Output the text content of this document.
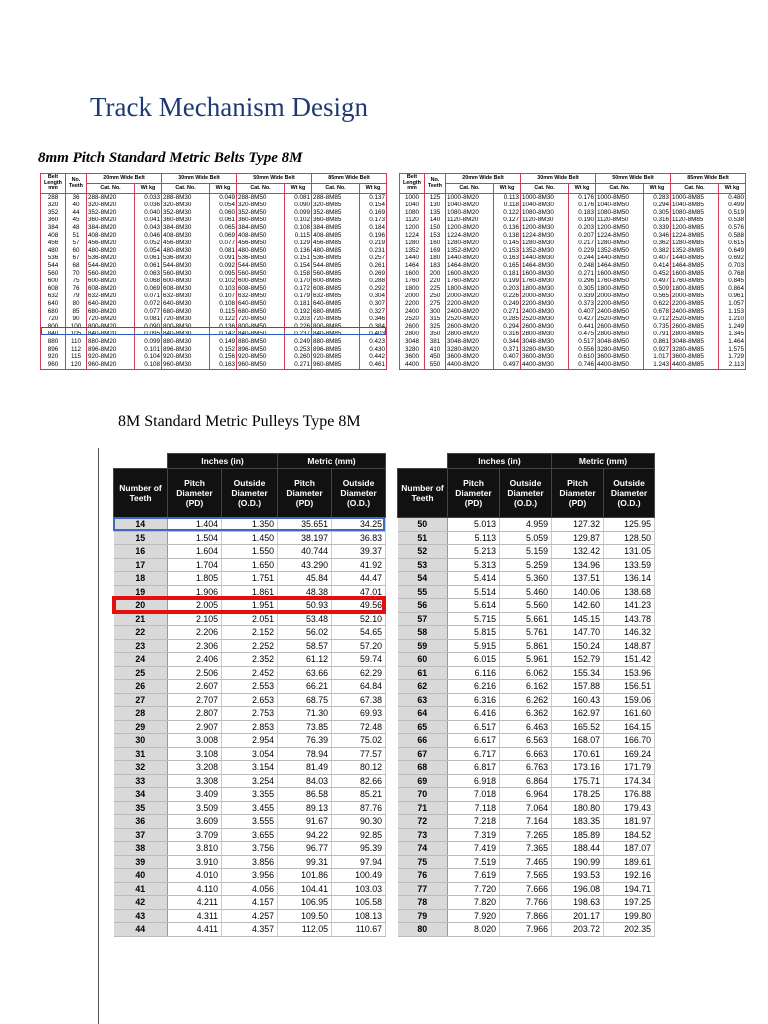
Track Mechanism Design
8mm Pitch Standard Metric Belts Type 8M
Belt Length mm	No. Teeth	20mm Wide Belt		30mm Wide Belt		50mm Wide Belt		85mm Wide Belt	
		Cat. No.	Wt kg	Cat. No.	Wt kg	Cat. No.	Wt kg	Cat. No.	Wt kg
288	36	288-8M20	0.033	288-8M30	0.049	288-8M50	0.081	288-8M85	0.137
320	40	320-8M20	0.036	320-8M30	0.054	320-8M50	0.090	320-8M85	0.154
352	44	352-8M20	0.040	352-8M30	0.060	352-8M50	0.099	352-8M85	0.169
360	45	360-8M20	0.041	360-8M30	0.061	360-8M50	0.102	360-8M85	0.173
384	48	384-8M20	0.043	384-8M30	0.065	384-8M50	0.108	384-8M85	0.184
408	51	408-8M20	0.046	408-8M30	0.069	408-8M50	0.115	408-8M85	0.196
456	57	456-8M20	0.052	456-8M30	0.077	456-8M50	0.129	456-8M85	0.219
480	60	480-8M20	0.054	480-8M30	0.081	480-8M50	0.136	480-8M85	0.231
536	67	536-8M20	0.061	536-8M30	0.091	536-8M50	0.151	536-8M85	0.257
544	68	544-8M20	0.061	544-8M30	0.092	544-8M50	0.154	544-8M85	0.261
560	70	560-8M20	0.063	560-8M30	0.095	560-8M50	0.158	560-8M85	0.269
600	75	600-8M20	0.068	600-8M30	0.102	600-8M50	0.170	600-8M85	0.288
608	76	608-8M20	0.069	608-8M30	0.103	608-8M50	0.172	608-8M85	0.292
632	79	632-8M20	0.071	632-8M30	0.107	632-8M50	0.179	632-8M85	0.304
640	80	640-8M20	0.072	640-8M30	0.108	640-8M50	0.181	640-8M85	0.307
680	85	680-8M20	0.077	680-8M30	0.115	680-8M50	0.192	680-8M85	0.327
720	90	720-8M20	0.081	720-8M30	0.122	720-8M50	0.203	720-8M85	0.346
800	100	800-8M20	0.090	800-8M30	0.136	800-8M50	0.226	800-8M85	0.384
840	105	840-8M20	0.095	840-8M30	0.142	840-8M50	0.237	840-8M85	0.403
880	110	880-8M20	0.099	880-8M30	0.149	880-8M50	0.249	880-8M85	0.423
896	112	896-8M20	0.101	896-8M30	0.152	896-8M50	0.253	896-8M85	0.430
920	115	920-8M20	0.104	920-8M30	0.156	920-8M50	0.260	920-8M85	0.442
960	120	960-8M20	0.108	960-8M30	0.163	960-8M50	0.271	960-8M85	0.461
Belt Length mm	No. Teeth	20mm Wide Belt		30mm Wide Belt		50mm Wide Belt		85mm Wide Belt	
		Cat. No.	Wt kg	Cat. No.	Wt kg	Cat. No.	Wt kg	Cat. No.	Wt kg
1000	125	1000-8M20	0.113	1000-8M30	0.176	1000-8M50	0.283	1000-8M85	0.480
1040	130	1040-8M20	0.118	1040-8M30	0.176	1040-8M50	0.294	1040-8M85	0.499
1080	135	1080-8M20	0.122	1080-8M30	0.183	1080-8M50	0.305	1080-8M85	0.519
1120	140	1120-8M20	0.127	1120-8M30	0.190	1120-8M50	0.316	1120-8M85	0.538
1200	150	1200-8M20	0.136	1200-8M30	0.203	1200-8M50	0.339	1200-8M85	0.576
1224	153	1224-8M20	0.138	1224-8M30	0.207	1224-8M50	0.346	1224-8M85	0.588
1280	160	1280-8M20	0.145	1280-8M30	0.217	1280-8M50	0.362	1280-8M85	0.615
1352	169	1352-8M20	0.153	1352-8M30	0.229	1352-8M50	0.382	1352-8M85	0.649
1440	180	1440-8M20	0.163	1440-8M30	0.244	1440-8M50	0.407	1440-8M85	0.692
1464	183	1464-8M20	0.165	1464-8M30	0.248	1464-8M50	0.414	1464-8M85	0.703
1600	200	1600-8M20	0.181	1600-8M30	0.271	1600-8M50	0.452	1600-8M85	0.768
1760	220	1760-8M20	0.199	1760-8M30	0.296	1760-8M50	0.497	1760-8M85	0.845
1800	225	1800-8M20	0.203	1800-8M30	0.305	1800-8M50	0.509	1800-8M85	0.864
2000	250	2000-8M20	0.226	2000-8M30	0.339	2000-8M50	0.565	2000-8M85	0.961
2200	275	2200-8M20	0.249	2200-8M30	0.373	2200-8M50	0.622	2200-8M85	1.057
2400	300	2400-8M20	0.271	2400-8M30	0.407	2400-8M50	0.678	2400-8M85	1.153
2520	315	2520-8M20	0.285	2520-8M30	0.427	2520-8M50	0.712	2520-8M85	1.210
2600	325	2600-8M20	0.294	2600-8M30	0.441	2600-8M50	0.735	2600-8M85	1.249
2800	350	2800-8M20	0.316	2800-8M30	0.475	2800-8M50	0.791	2800-8M85	1.345
3048	381	3048-8M20	0.344	3048-8M30	0.517	3048-8M50	0.861	3048-8M85	1.464
3280	410	3280-8M20	0.371	3280-8M30	0.556	3280-8M50	0.927	3280-8M85	1.575
3600	450	3600-8M20	0.407	3600-8M30	0.610	3600-8M50	1.017	3600-8M85	1.729
4400	550	4400-8M20	0.497	4400-8M30	0.746	4400-8M50	1.243	4400-8M85	2.113
8M Standard Metric Pulleys Type 8M
	Inches (in)		Metric (mm)	
Number of Teeth	Pitch Diameter (PD)	Outside Diameter (O.D.)	Pitch Diameter (PD)	Outside Diameter (O.D.)
14	1.404	1.350	35.651	34.25
15	1.504	1.450	38.197	36.83
16	1.604	1.550	40.744	39.37
17	1.704	1.650	43.290	41.92
18	1.805	1.751	45.84	44.47
19	1.906	1.861	48.38	47.01
20	2.005	1.951	50.93	49.56
21	2.105	2.051	53.48	52.10
22	2.206	2.152	56.02	54.65
23	2.306	2.252	58.57	57.20
24	2.406	2.352	61.12	59.74
25	2.506	2.452	63.66	62.29
26	2.607	2.553	66.21	64.84
27	2.707	2.653	68.75	67.38
28	2.807	2.753	71.30	69.93
29	2.907	2.853	73.85	72.48
30	3.008	2.954	76.39	75.02
31	3.108	3.054	78.94	77.57
32	3.208	3.154	81.49	80.12
33	3.308	3.254	84.03	82.66
34	3.409	3.355	86.58	85.21
35	3.509	3.455	89.13	87.76
36	3.609	3.555	91.67	90.30
37	3.709	3.655	94.22	92.85
38	3.810	3.756	96.77	95.39
39	3.910	3.856	99.31	97.94
40	4.010	3.956	101.86	100.49
41	4.110	4.056	104.41	103.03
42	4.211	4.157	106.95	105.58
43	4.311	4.257	109.50	108.13
44	4.411	4.357	112.05	110.67
	Inches (in)		Metric (mm)	
Number of Teeth	Pitch Diameter (PD)	Outside Diameter (O.D.)	Pitch Diameter (PD)	Outside Diameter (O.D.)
50	5.013	4.959	127.32	125.95
51	5.113	5.059	129.87	128.50
52	5.213	5.159	132.42	131.05
53	5.313	5.259	134.96	133.59
54	5.414	5.360	137.51	136.14
55	5.514	5.460	140.06	138.68
56	5.614	5.560	142.60	141.23
57	5.715	5.661	145.15	143.78
58	5.815	5.761	147.70	146.32
59	5.915	5.861	150.24	148.87
60	6.015	5.961	152.79	151.42
61	6.116	6.062	155.34	153.96
62	6.216	6.162	157.88	156.51
63	6.316	6.262	160.43	159.06
64	6.416	6.362	162.97	161.60
65	6.517	6.463	165.52	164.15
66	6.617	6.563	168.07	166.70
67	6.717	6.663	170.61	169.24
68	6.817	6.763	173.16	171.79
69	6.918	6.864	175.71	174.34
70	7.018	6.964	178.25	176.88
71	7.118	7.064	180.80	179.43
72	7.218	7.164	183.35	181.97
73	7.319	7.265	185.89	184.52
74	7.419	7.365	188.44	187.07
75	7.519	7.465	190.99	189.61
76	7.619	7.565	193.53	192.16
77	7.720	7.666	196.08	194.71
78	7.820	7.766	198.63	197.25
79	7.920	7.866	201.17	199.80
80	8.020	7.966	203.72	202.35
